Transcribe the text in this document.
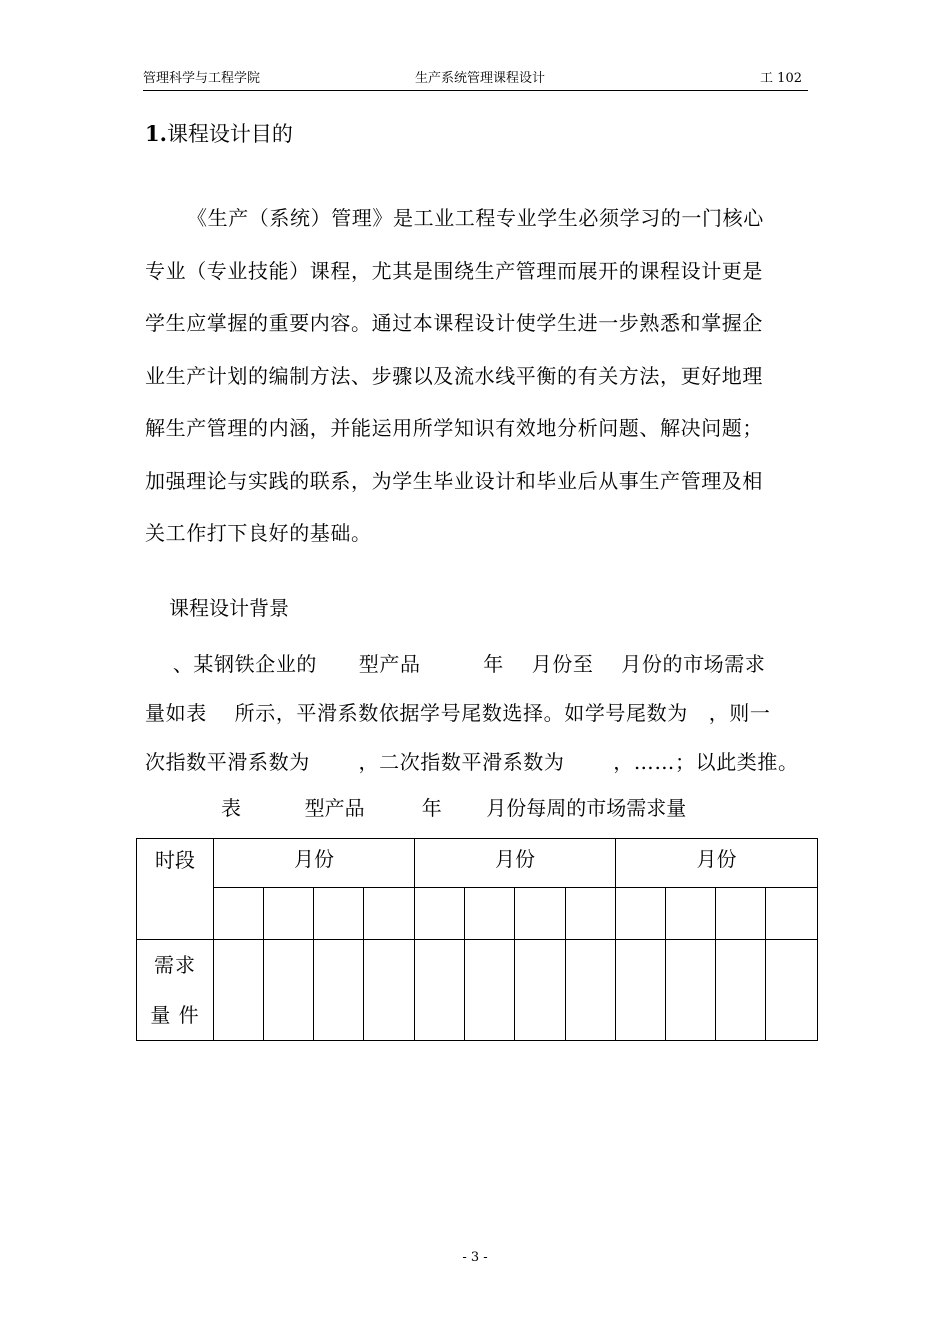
管理科学与工程学院	生产系统管理课程设计	工 102
1.课程设计目的
《生产（系统）管理》是工业工程专业学生必须学习的一门核心
专业（专业技能）课程，尤其是围绕生产管理而展开的课程设计更是
学生应掌握的重要内容。通过本课程设计使学生进一步熟悉和掌握企
业生产计划的编制方法、步骤以及流水线平衡的有关方法，更好地理
解生产管理的内涵，并能运用所学知识有效地分析问题、解决问题；
加强理论与实践的联系，为学生毕业设计和毕业后从事生产管理及相
关工作打下良好的基础。
课程设计背景
、某钢铁企业的      型产品         年    月份至    月份的市场需求
量如表    所示，平滑系数依据学号尾数选择。如学号尾数为   ，则一
次指数平滑系数为       ，二次指数平滑系数为       ，……；以此类推。
表          型产品         年       月份每周的市场需求量
时段	月份				月份				月份			

需求
量 件												

- 3 -
